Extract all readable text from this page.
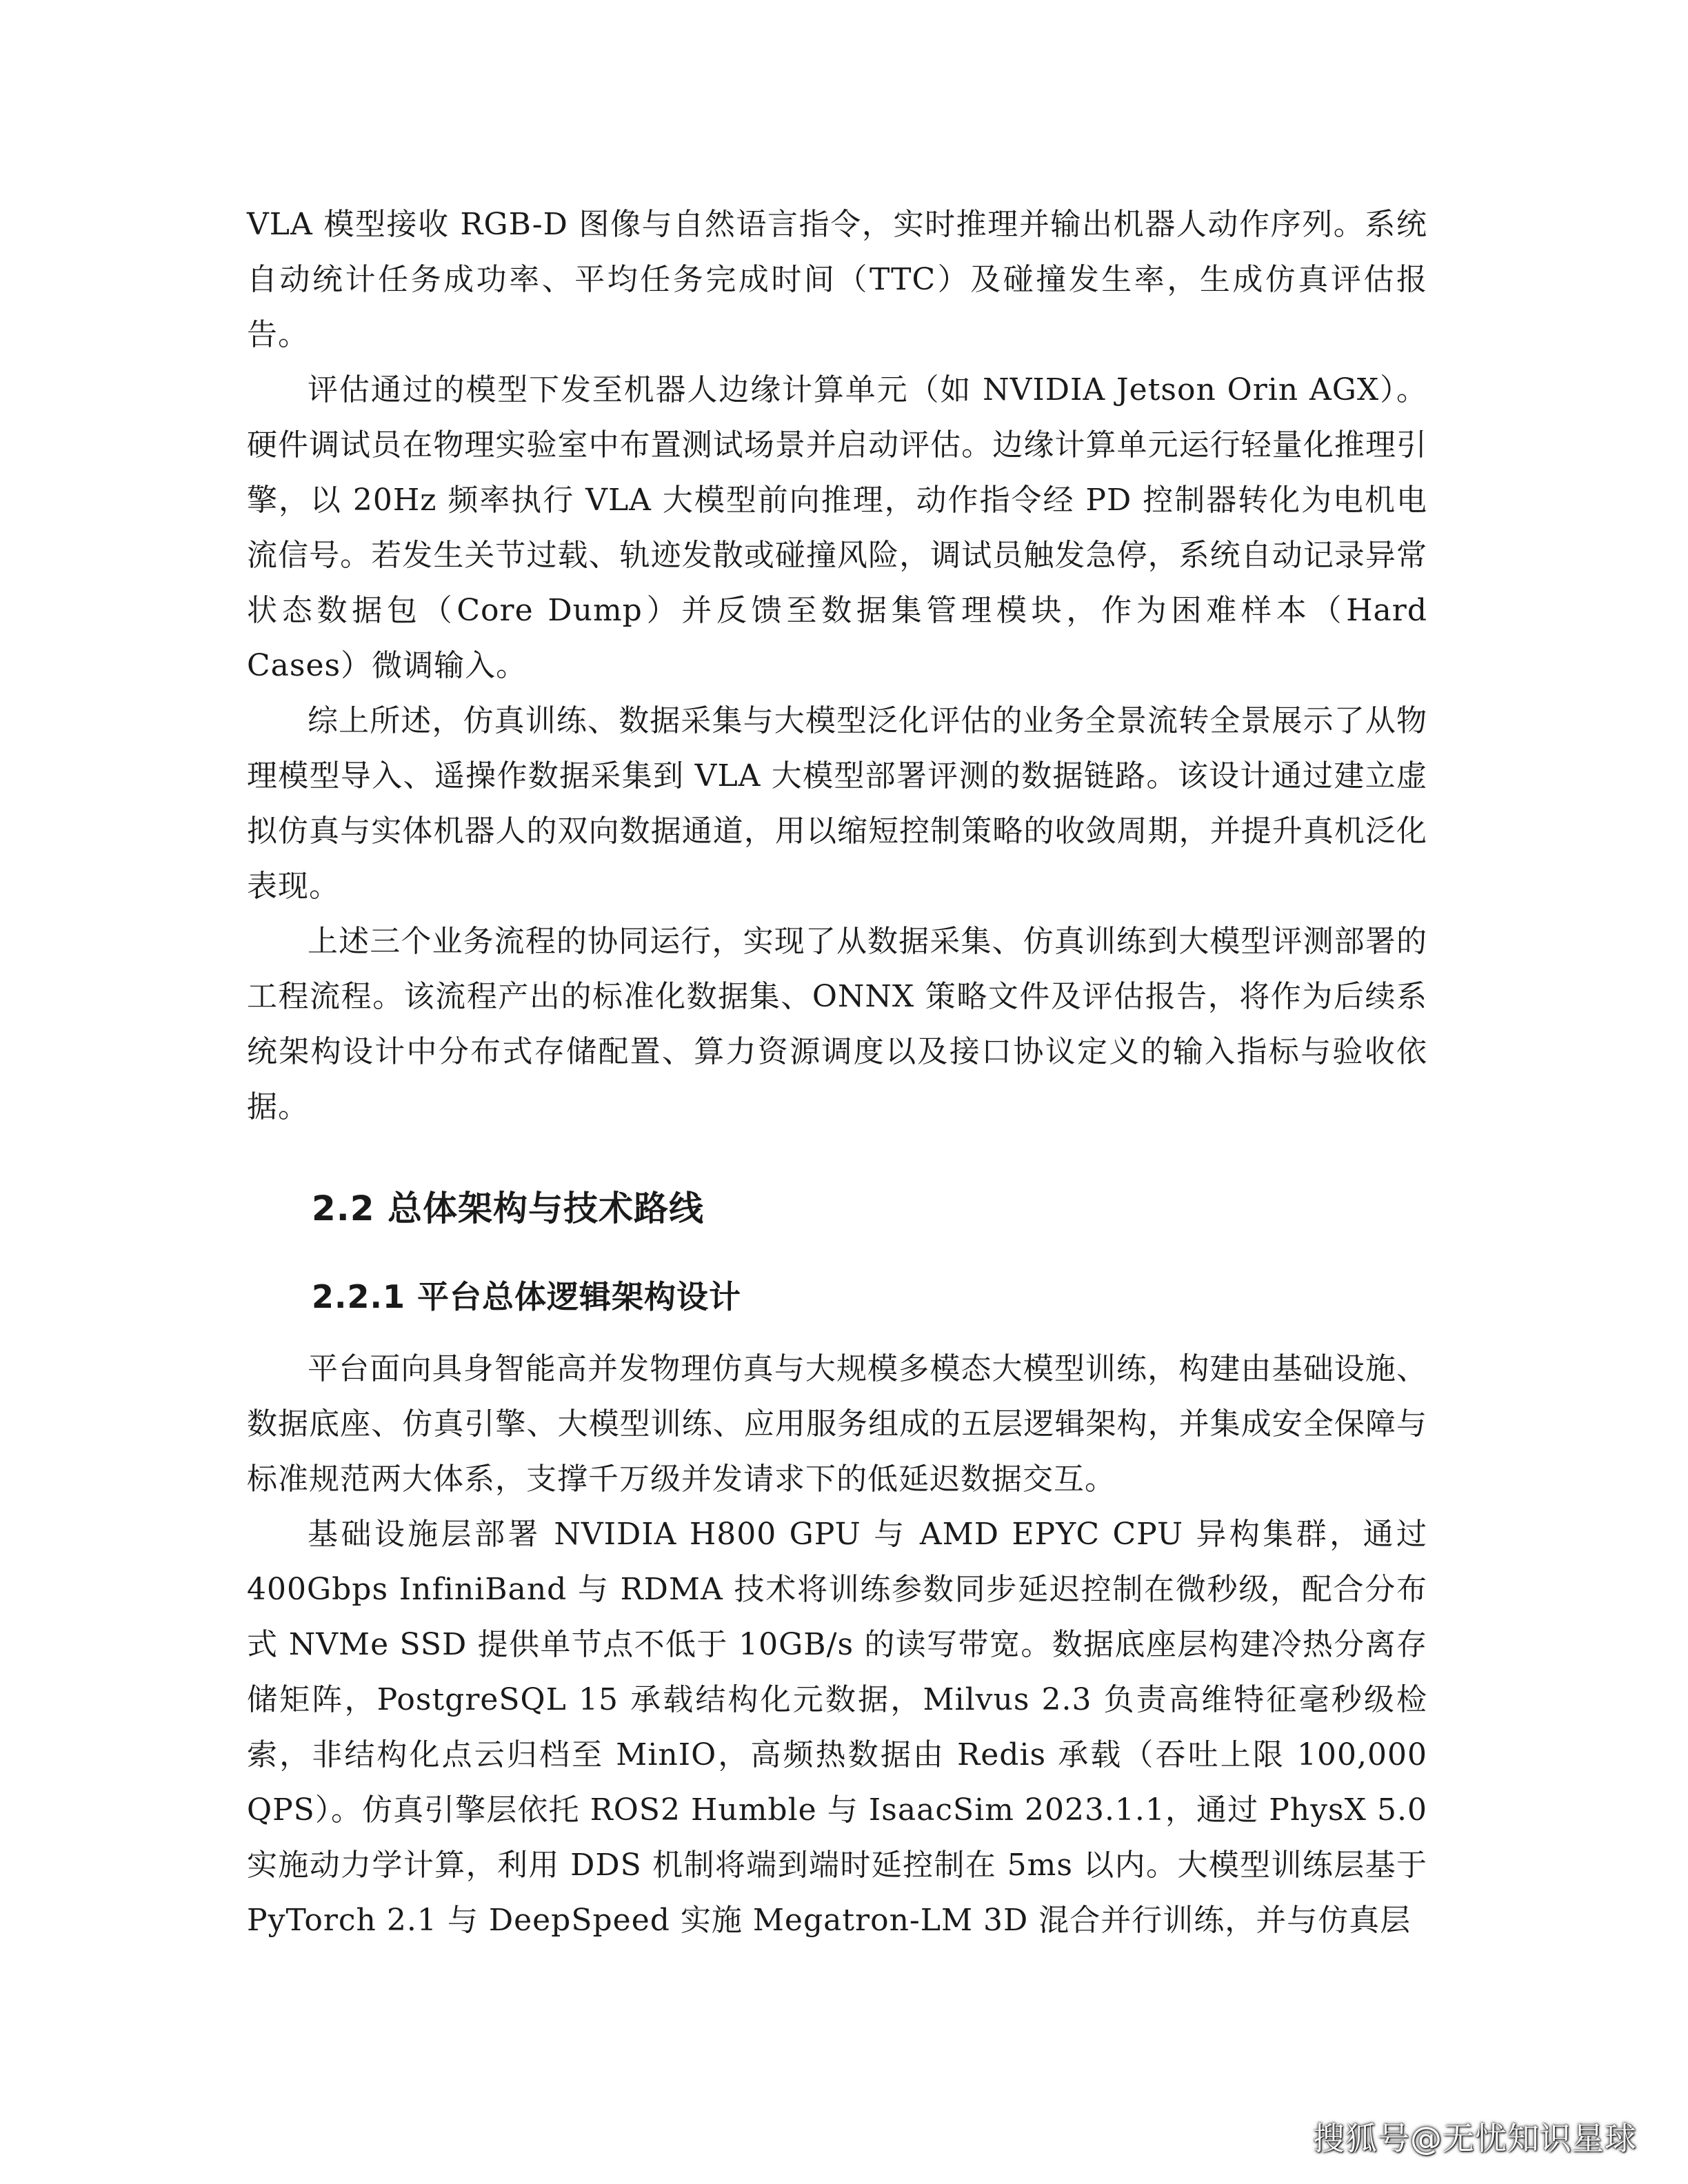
VLA 模型接收 RGB-D 图像与自然语言指令，实时推理并输出机器人动作序列。系统自动统计任务成功率、平均任务完成时间（TTC）及碰撞发生率，生成仿真评估报告。

评估通过的模型下发至机器人边缘计算单元（如 NVIDIA Jetson Orin AGX）。硬件调试员在物理实验室中布置测试场景并启动评估。边缘计算单元运行轻量化推理引擎，以 20Hz 频率执行 VLA 大模型前向推理，动作指令经 PD 控制器转化为电机电流信号。若发生关节过载、轨迹发散或碰撞风险，调试员触发急停，系统自动记录异常状态数据包（Core Dump）并反馈至数据集管理模块，作为困难样本（Hard Cases）微调输入。

综上所述，仿真训练、数据采集与大模型泛化评估的业务全景流转全景展示了从物理模型导入、遥操作数据采集到 VLA 大模型部署评测的数据链路。该设计通过建立虚拟仿真与实体机器人的双向数据通道，用以缩短控制策略的收敛周期，并提升真机泛化表现。

上述三个业务流程的协同运行，实现了从数据采集、仿真训练到大模型评测部署的工程流程。该流程产出的标准化数据集、ONNX 策略文件及评估报告，将作为后续系统架构设计中分布式存储配置、算力资源调度以及接口协议定义的输入指标与验收依据。

2.2 总体架构与技术路线
2.2.1 平台总体逻辑架构设计

平台面向具身智能高并发物理仿真与大规模多模态大模型训练，构建由基础设施、数据底座、仿真引擎、大模型训练、应用服务组成的五层逻辑架构，并集成安全保障与标准规范两大体系，支撑千万级并发请求下的低延迟数据交互。

基础设施层部署 NVIDIA H800 GPU 与 AMD EPYC CPU 异构集群，通过 400Gbps InfiniBand 与 RDMA 技术将训练参数同步延迟控制在微秒级，配合分布式 NVMe SSD 提供单节点不低于 10GB/s 的读写带宽。数据底座层构建冷热分离存储矩阵，PostgreSQL 15 承载结构化元数据，Milvus 2.3 负责高维特征毫秒级检索，非结构化点云归档至 MinIO，高频热数据由 Redis 承载（吞吐上限 100,000 QPS）。仿真引擎层依托 ROS2 Humble 与 IsaacSim 2023.1.1，通过 PhysX 5.0 实施动力学计算，利用 DDS 机制将端到端时延控制在 5ms 以内。大模型训练层基于 PyTorch 2.1 与 DeepSpeed 实施 Megatron-LM 3D 混合并行训练，并与仿真层

搜狐号@无忧知识星球
